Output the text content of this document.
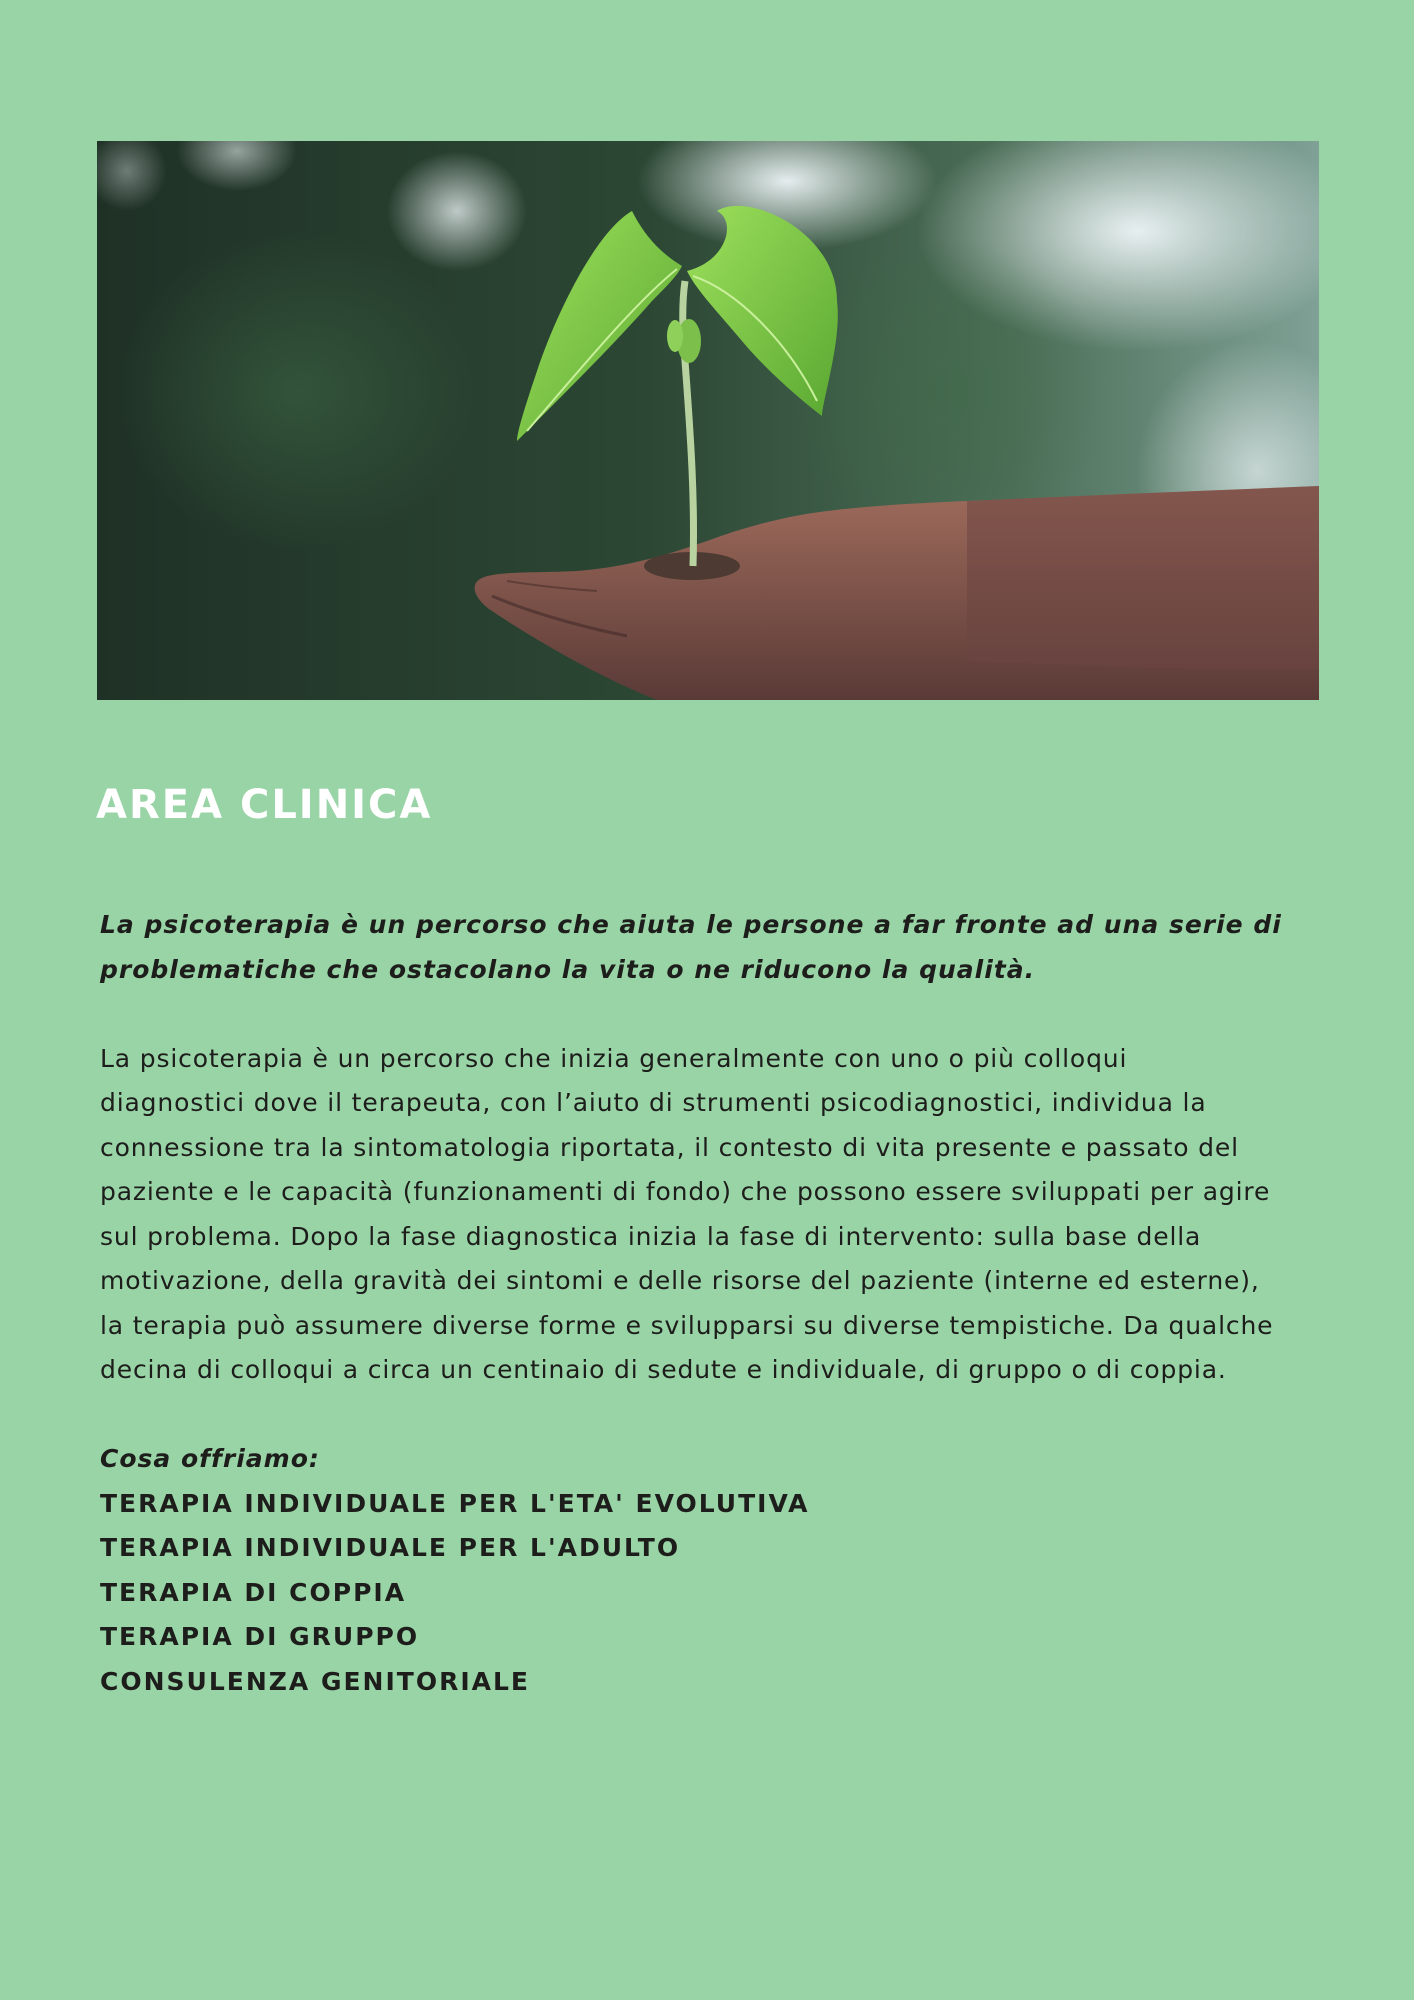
AREA CLINICA

La psicoterapia è un percorso che aiuta le persone a far fronte ad una serie di
problematiche che ostacolano la vita o ne riducono la qualità.

La psicoterapia è un percorso che inizia generalmente con uno o più colloqui
diagnostici dove il terapeuta, con l’aiuto di strumenti psicodiagnostici, individua la
connessione tra la sintomatologia riportata, il contesto di vita presente e passato del
paziente e le capacità (funzionamenti di fondo) che possono essere sviluppati per agire
sul problema. Dopo la fase diagnostica inizia la fase di intervento: sulla base della
motivazione, della gravità dei sintomi e delle risorse del paziente (interne ed esterne),
la terapia può assumere diverse forme e svilupparsi su diverse tempistiche. Da qualche
decina di colloqui a circa un centinaio di sedute e individuale, di gruppo o di coppia.

Cosa offriamo:

TERAPIA INDIVIDUALE PER L'ETA' EVOLUTIVA
TERAPIA INDIVIDUALE PER L'ADULTO
TERAPIA DI COPPIA
TERAPIA DI GRUPPO
CONSULENZA GENITORIALE
